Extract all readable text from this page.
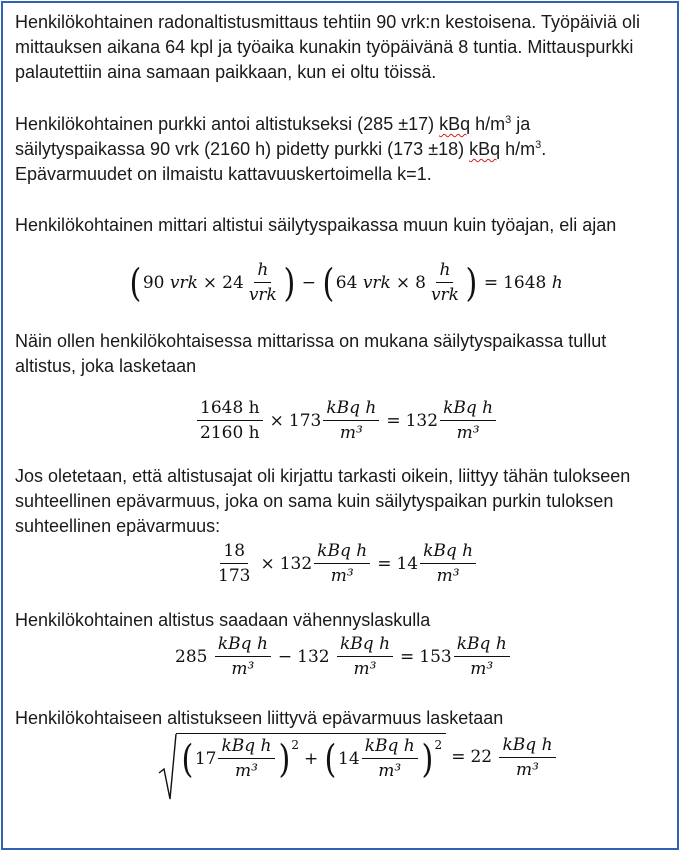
Henkilökohtainen radonaltistusmittaus tehtiin 90 vrk:n kestoisena. Työpäiviä oli mittauksen aikana 64 kpl ja työaika kunakin työpäivänä 8 tuntia. Mittauspurkki palautettiin aina samaan paikkaan, kun ei oltu töissä.

Henkilökohtainen purkki antoi altistukseksi (285 ±17) kBq $h/m^3$ ja säilytyspaikassa 90 vrk (2160 h) pidetty purkki (173 ±18) kBq $h/m^3$. Epävarmuudet on ilmaistu kattavuuskertoimella k=1.

Henkilökohtainen mittari altistui säilytyspaikassa muun kuin työajan, eli ajan

Näin ollen henkilökohtaisessa mittarissa on mukana säilytyspaikassa tullut altistus, joka lasketaan

Jos oletetaan, että altistusajat oli kirjattu tarkasti oikein, liittyy tähän tulokseen suhteellinen epävarmuus, joka on sama kuin säilytyspaikan purkin tuloksen suhteellinen epävarmuus:

Henkilökohtainen altistus saadaan vähennyslaskulla

Henkilökohtaiseen altistukseen liittyvä epävarmuus lasketaan

( 90
vrk × $24 \frac{h}{\text{vrk}}$ ) − ( 64
vrk × $8 \frac{h}{\text{vrk}}$ ) = 1648
h
$\frac{1648 h}{2160 h} \times 173 \frac{\text{kBq h}}{\text{m³}} = 132 \frac{\text{kBq h}}{\text{m³}}$
$\frac{18}{173} \times 132 \frac{\text{kBq h}}{\text{m³}} = 14 \frac{\text{kBq h}}{\text{m³}}$
285
$\frac{\text{kBq h}}{\text{m³}} - 132$
$\frac{\text{kBq h}}{\text{m³}} = 153 \frac{\text{kBq h}}{\text{m³}}$
( $17 \frac{\text{kBq h}}{\text{m³}}$ ) 2
+ ( $14 \frac{\text{kBq h}}{\text{m³}}$ ) 2
= 22
$\frac{\text{kBq h}}{\text{m³}}$
